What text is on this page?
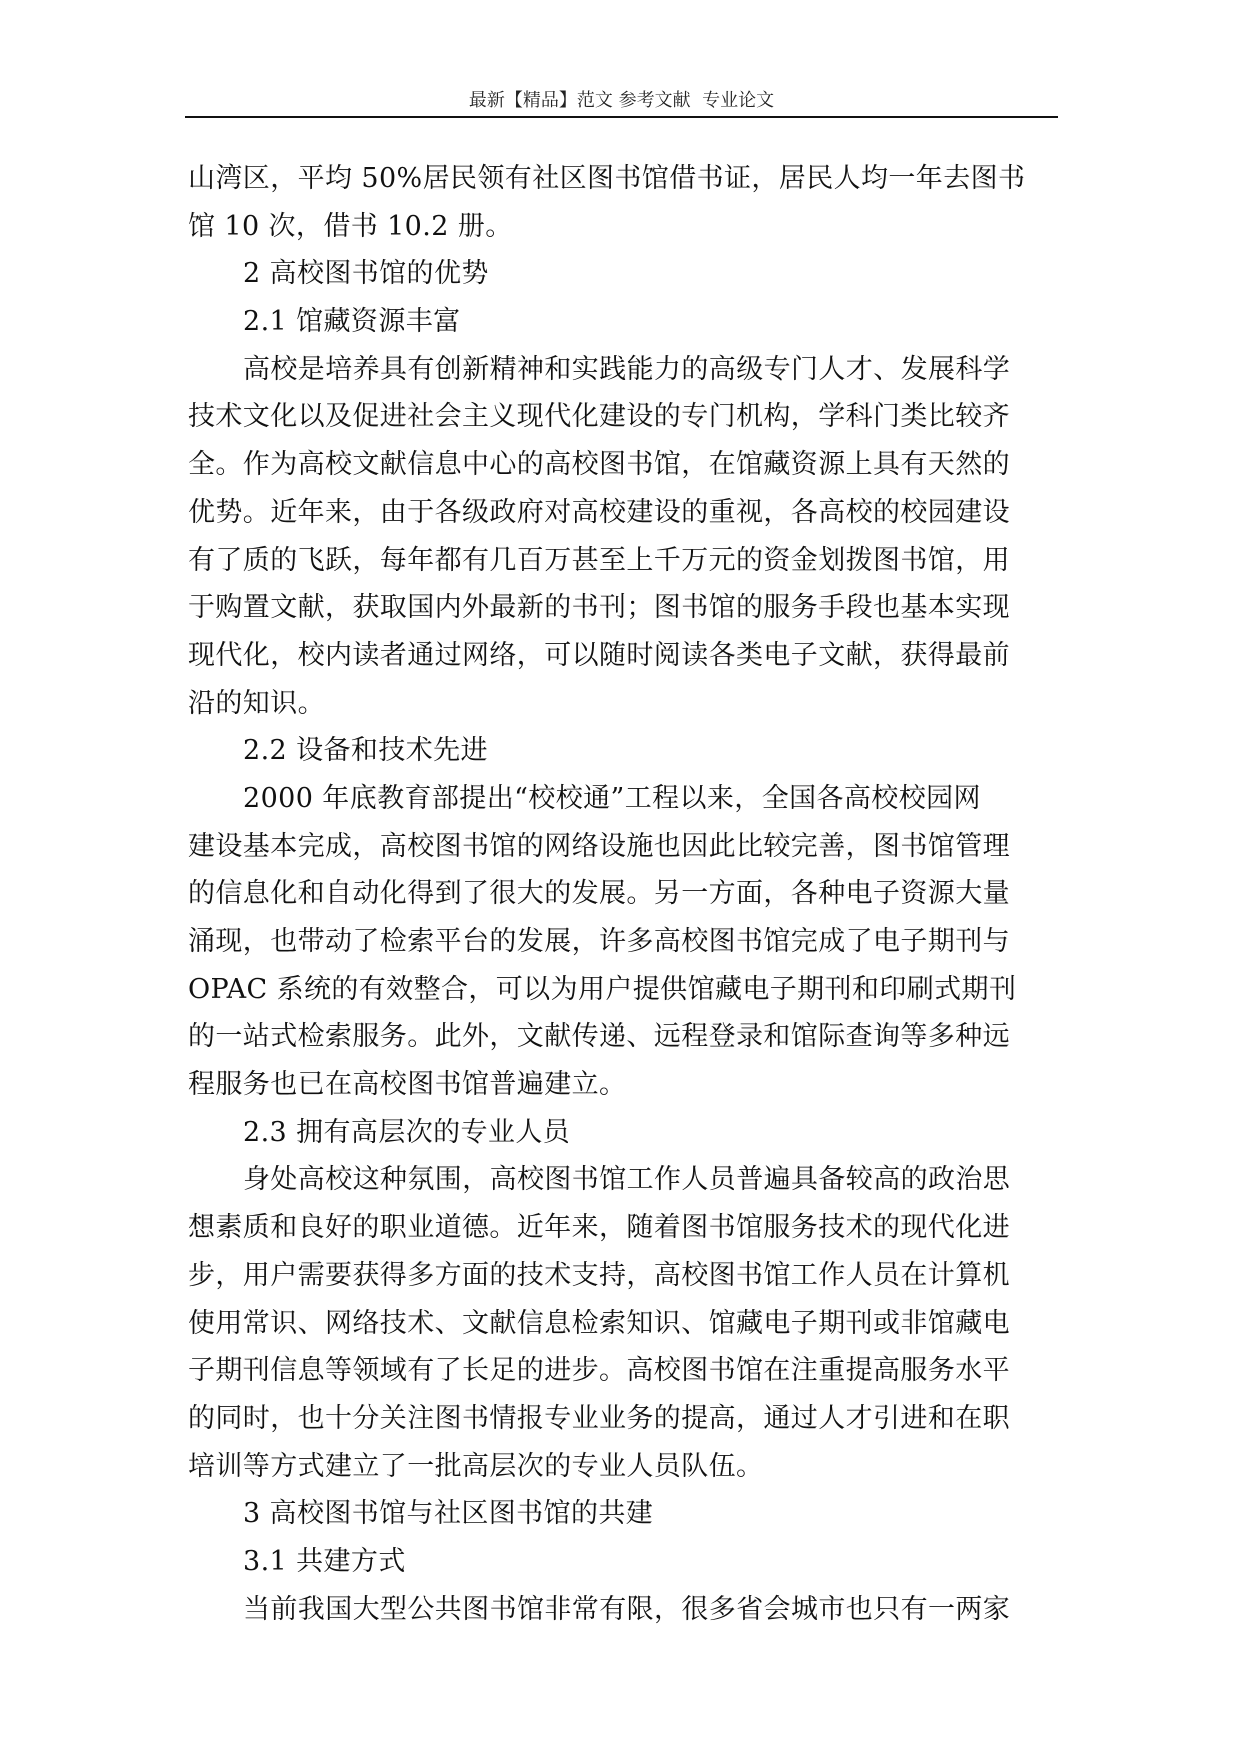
最新【精品】范文 参考文献  专业论文
山湾区，平均 50%居民领有社区图书馆借书证，居民人均一年去图书
馆 10 次，借书 10.2 册。
2 高校图书馆的优势
2.1 馆藏资源丰富
高校是培养具有创新精神和实践能力的高级专门人才、发展科学
技术文化以及促进社会主义现代化建设的专门机构，学科门类比较齐
全。作为高校文献信息中心的高校图书馆，在馆藏资源上具有天然的
优势。近年来，由于各级政府对高校建设的重视，各高校的校园建设
有了质的飞跃，每年都有几百万甚至上千万元的资金划拨图书馆，用
于购置文献，获取国内外最新的书刊；图书馆的服务手段也基本实现
现代化，校内读者通过网络，可以随时阅读各类电子文献，获得最前
沿的知识。
2.2 设备和技术先进
2000 年底教育部提出“校校通”工程以来，全国各高校校园网
建设基本完成，高校图书馆的网络设施也因此比较完善，图书馆管理
的信息化和自动化得到了很大的发展。另一方面，各种电子资源大量
涌现，也带动了检索平台的发展，许多高校图书馆完成了电子期刊与
OPAC 系统的有效整合，可以为用户提供馆藏电子期刊和印刷式期刊
的一站式检索服务。此外，文献传递、远程登录和馆际查询等多种远
程服务也已在高校图书馆普遍建立。
2.3 拥有高层次的专业人员
身处高校这种氛围，高校图书馆工作人员普遍具备较高的政治思
想素质和良好的职业道德。近年来，随着图书馆服务技术的现代化进
步，用户需要获得多方面的技术支持，高校图书馆工作人员在计算机
使用常识、网络技术、文献信息检索知识、馆藏电子期刊或非馆藏电
子期刊信息等领域有了长足的进步。高校图书馆在注重提高服务水平
的同时，也十分关注图书情报专业业务的提高，通过人才引进和在职
培训等方式建立了一批高层次的专业人员队伍。
3 高校图书馆与社区图书馆的共建
3.1 共建方式
当前我国大型公共图书馆非常有限，很多省会城市也只有一两家
